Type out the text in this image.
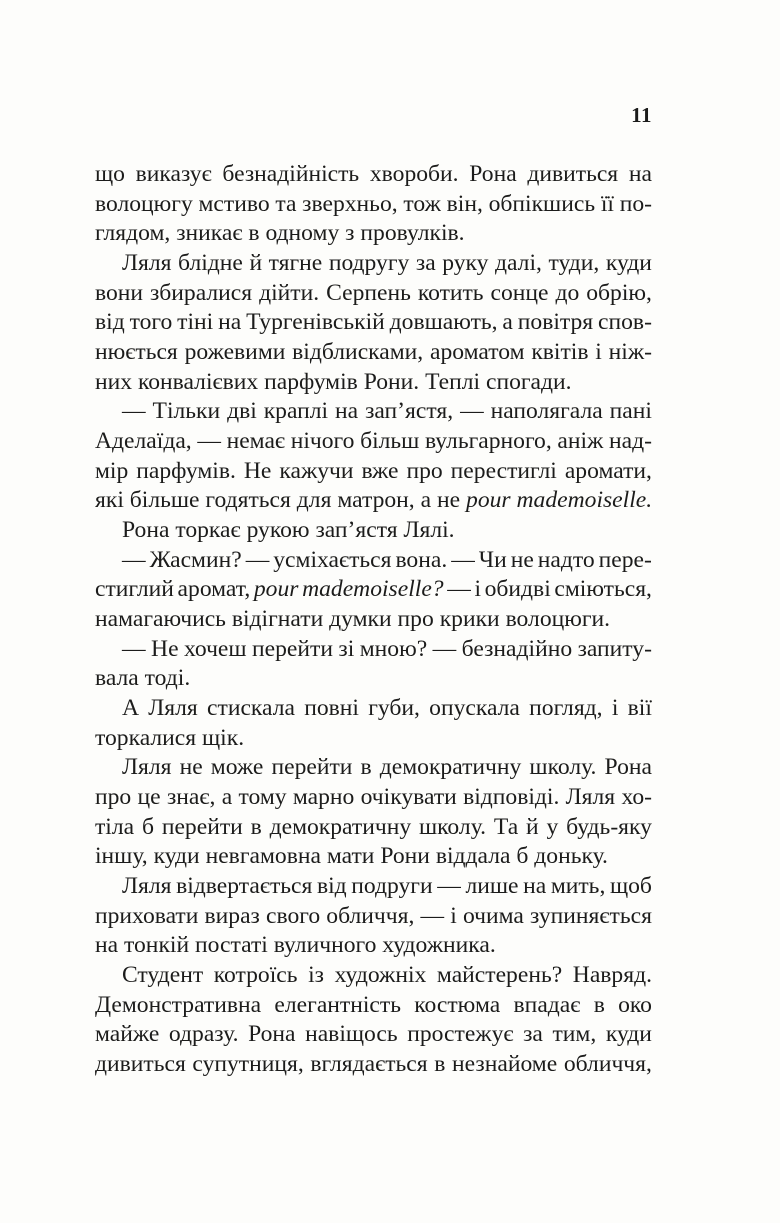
11
що виказує безнадійність хвороби. Рона дивиться на
волоцюгу мстиво та зверхньо, тож він, обпікшись її по-
глядом, зникає в одному з провулків.
Ляля блідне й тягне подругу за руку далі, туди, куди
вони збиралися дійти. Серпень котить сонце до обрію,
від того тіні на Тургенівській довшають, а повітря спов-
нюється рожевими відблисками, ароматом квітів і ніж-
них конвалієвих парфумів Рони. Теплі спогади.
— Тільки дві краплі на зап’ястя, — наполягала пані
Аделаїда, — немає нічого більш вульгарного, аніж над-
мір парфумів. Не кажучи вже про перестиглі аромати,
які більше годяться для матрон, а не pour mademoiselle.
Рона торкає рукою зап’ястя Лялі.
— Жасмин? — усміхається вона. — Чи не надто пере-
стиглий аромат, pour mademoiselle? — і обидві сміються,
намагаючись відігнати думки про крики волоцюги.
— Не хочеш перейти зі мною? — безнадійно запиту-
вала тоді.
А Ляля стискала повні губи, опускала погляд, і вії
торкалися щік.
Ляля не може перейти в демократичну школу. Рона
про це знає, а тому марно очікувати відповіді. Ляля хо-
тіла б перейти в демократичну школу. Та й у будь-яку
іншу, куди невгамовна мати Рони віддала б доньку.
Ляля відвертається від подруги — лише на мить, щоб
приховати вираз свого обличчя, — і очима зупиняється
на тонкій постаті вуличного художника.
Студент котроїсь із художніх майстерень? Навряд.
Демонстративна елегантність костюма впадає в око
майже одразу. Рона навіщось простежує за тим, куди
дивиться супутниця, вглядається в незнайоме обличчя,
